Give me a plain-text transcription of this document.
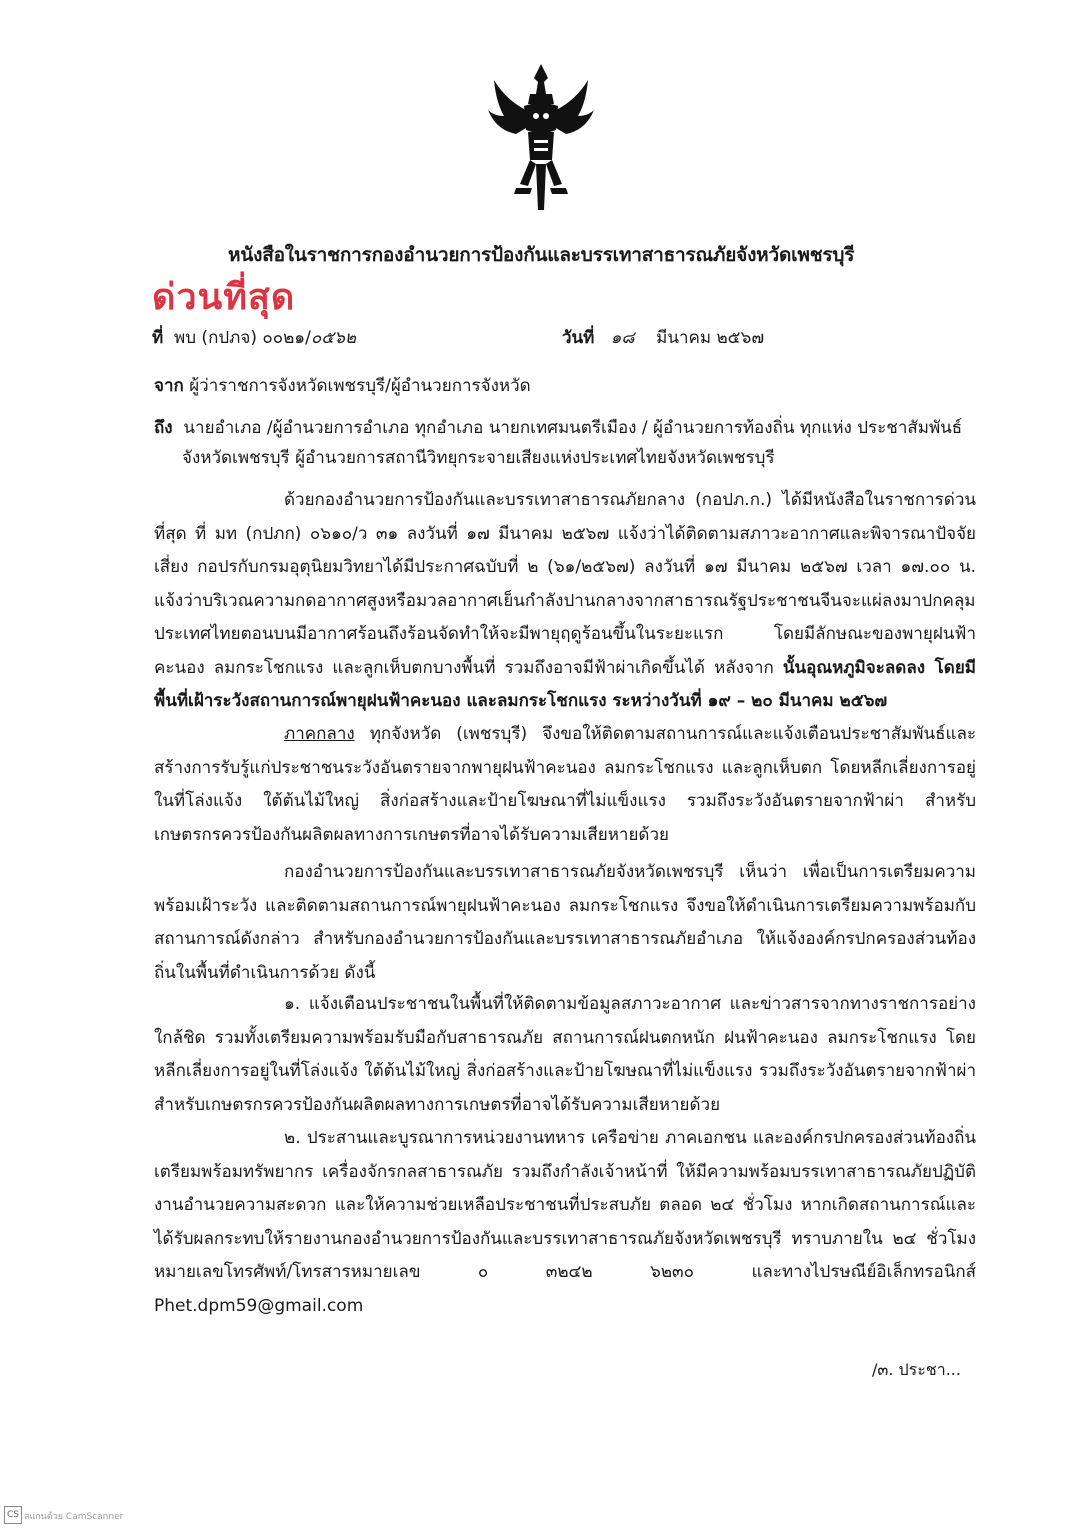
หนังสือในราชการกองอำนวยการป้องกันและบรรเทาสาธารณภัยจังหวัดเพชรบุรี
ด่วนที่สุด
ที่ พบ (กปภจ) ๐๐๒๑/๐๕๖๒	วันที่ ๑๘ มีนาคม ๒๕๖๗
จาก ผู้ว่าราชการจังหวัดเพชรบุรี/ผู้อำนวยการจังหวัด
ถึง นายอำเภอ /ผู้อำนวยการอำเภอ ทุกอำเภอ นายกเทศมนตรีเมือง / ผู้อำนวยการท้องถิ่น ทุกแห่ง ประชาสัมพันธ์
จังหวัดเพชรบุรี ผู้อำนวยการสถานีวิทยุกระจายเสียงแห่งประเทศไทยจังหวัดเพชรบุรี
ด้วยกองอำนวยการป้องกันและบรรเทาสาธารณภัยกลาง (กอปภ.ก.) ได้มีหนังสือในราชการด่วนที่สุด ที่ มท (กปภก) ๐๖๑๐/ว ๓๑ ลงวันที่ ๑๗ มีนาคม ๒๕๖๗ แจ้งว่าได้ติดตามสภาวะอากาศและพิจารณาปัจจัยเสี่ยง กอปรกับกรมอุตุนิยมวิทยาได้มีประกาศฉบับที่ ๒ (๖๑/๒๕๖๗) ลงวันที่ ๑๗ มีนาคม ๒๕๖๗ เวลา ๑๗.๐๐ น. แจ้งว่าบริเวณความกดอากาศสูงหรือมวลอากาศเย็นกำลังปานกลางจากสาธารณรัฐประชาชนจีนจะแผ่ลงมาปกคลุมประเทศไทยตอนบนมีอากาศร้อนถึงร้อนจัดทำให้จะมีพายุฤดูร้อนขึ้นในระยะแรก โดยมีลักษณะของพายุฝนฟ้าคะนอง ลมกระโชกแรง และลูกเห็บตกบางพื้นที่ รวมถึงอาจมีฟ้าผ่าเกิดขึ้นได้ หลังจาก นั้นอุณหภูมิจะลดลง โดยมีพื้นที่เฝ้าระวังสถานการณ์พายุฝนฟ้าคะนอง และลมกระโชกแรง ระหว่างวันที่ ๑๙ – ๒๐ มีนาคม ๒๕๖๗
ภาคกลาง ทุกจังหวัด (เพชรบุรี) จึงขอให้ติดตามสถานการณ์และแจ้งเตือนประชาสัมพันธ์และสร้างการรับรู้แก่ประชาชนระวังอันตรายจากพายุฝนฟ้าคะนอง ลมกระโชกแรง และลูกเห็บตก โดยหลีกเลี่ยงการอยู่ในที่โล่งแจ้ง ใต้ต้นไม้ใหญ่ สิ่งก่อสร้างและป้ายโฆษณาที่ไม่แข็งแรง รวมถึงระวังอันตรายจากฟ้าผ่า สำหรับเกษตรกรควรป้องกันผลิตผลทางการเกษตรที่อาจได้รับความเสียหายด้วย
กองอำนวยการป้องกันและบรรเทาสาธารณภัยจังหวัดเพชรบุรี เห็นว่า เพื่อเป็นการเตรียมความพร้อมเฝ้าระวัง และติดตามสถานการณ์พายุฝนฟ้าคะนอง ลมกระโชกแรง จึงขอให้ดำเนินการเตรียมความพร้อมกับสถานการณ์ดังกล่าว สำหรับกองอำนวยการป้องกันและบรรเทาสาธารณภัยอำเภอ ให้แจ้งองค์กรปกครองส่วนท้องถิ่นในพื้นที่ดำเนินการด้วย ดังนี้
๑. แจ้งเตือนประชาชนในพื้นที่ให้ติดตามข้อมูลสภาวะอากาศ และข่าวสารจากทางราชการอย่างใกล้ชิด รวมทั้งเตรียมความพร้อมรับมือกับสาธารณภัย สถานการณ์ฝนตกหนัก ฝนฟ้าคะนอง ลมกระโชกแรง โดยหลีกเลี่ยงการอยู่ในที่โล่งแจ้ง ใต้ต้นไม้ใหญ่ สิ่งก่อสร้างและป้ายโฆษณาที่ไม่แข็งแรง รวมถึงระวังอันตรายจากฟ้าผ่า สำหรับเกษตรกรควรป้องกันผลิตผลทางการเกษตรที่อาจได้รับความเสียหายด้วย
๒. ประสานและบูรณาการหน่วยงานทหาร เครือข่าย ภาคเอกชน และองค์กรปกครองส่วนท้องถิ่นเตรียมพร้อมทรัพยากร เครื่องจักรกลสาธารณภัย รวมถึงกำลังเจ้าหน้าที่ ให้มีความพร้อมบรรเทาสาธารณภัยปฏิบัติงานอำนวยความสะดวก และให้ความช่วยเหลือประชาชนที่ประสบภัย ตลอด ๒๔ ชั่วโมง หากเกิดสถานการณ์และได้รับผลกระทบให้รายงานกองอำนวยการป้องกันและบรรเทาสาธารณภัยจังหวัดเพชรบุรี ทราบภายใน ๒๔ ชั่วโมง หมายเลขโทรศัพท์/โทรสารหมายเลข ๐ ๓๒๔๒ ๖๒๓๐ และทางไปรษณีย์อิเล็กทรอนิกส์ Phet.dpm59@gmail.com
/๓. ประชา...
CS สแกนด้วย CamScanner
